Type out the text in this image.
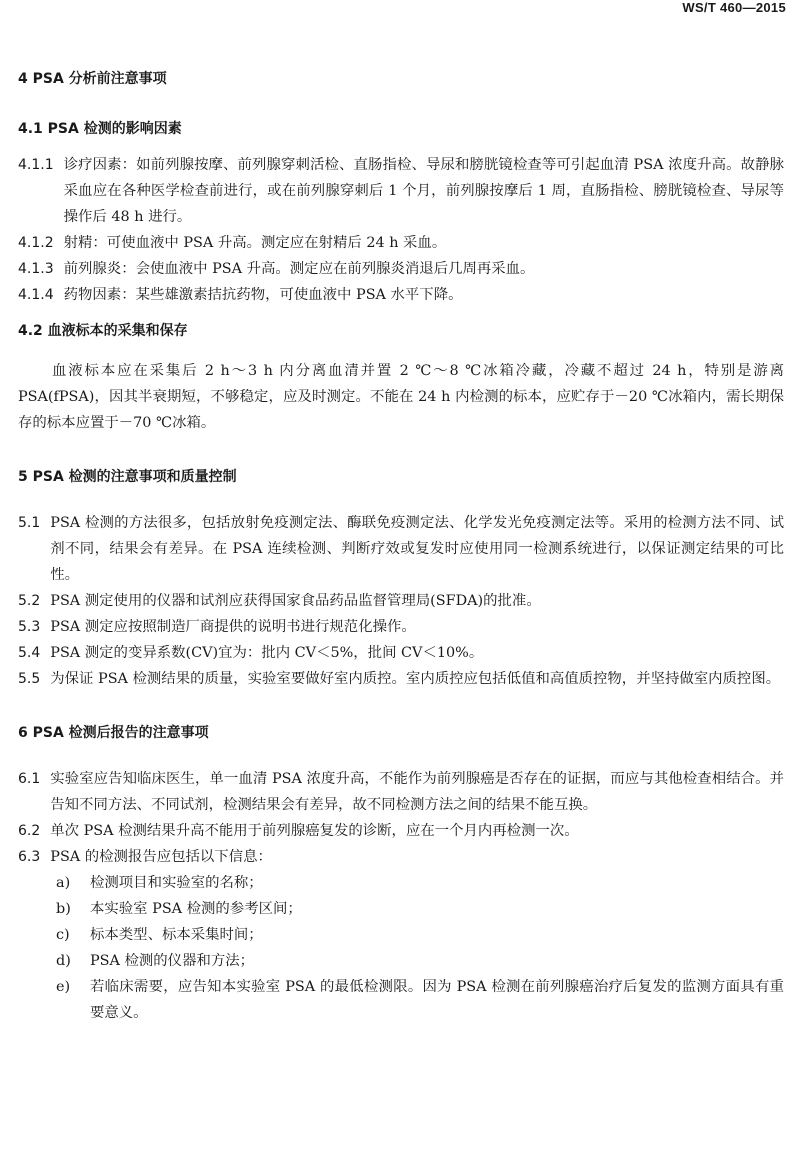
WS/T 460—2015
4 PSA 分析前注意事项
4.1 PSA 检测的影响因素
4.1.1 诊疗因素：如前列腺按摩、前列腺穿刺活检、直肠指检、导尿和膀胱镜检查等可引起血清 PSA 浓度升高。故静脉采血应在各种医学检查前进行，或在前列腺穿刺后 1 个月，前列腺按摩后 1 周，直肠指检、膀胱镜检查、导尿等操作后 48 h 进行。
4.1.2 射精：可使血液中 PSA 升高。测定应在射精后 24 h 采血。
4.1.3 前列腺炎：会使血液中 PSA 升高。测定应在前列腺炎消退后几周再采血。
4.1.4 药物因素：某些雄激素拮抗药物，可使血液中 PSA 水平下降。
4.2 血液标本的采集和保存
血液标本应在采集后 2 h～3 h 内分离血清并置 2 ℃～8 ℃冰箱冷藏，冷藏不超过 24 h，特别是游离PSA(fPSA)，因其半衰期短，不够稳定，应及时测定。不能在 24 h 内检测的标本，应贮存于－20 ℃冰箱内，需长期保存的标本应置于－70 ℃冰箱。
5 PSA 检测的注意事项和质量控制
5.1 PSA 检测的方法很多，包括放射免疫测定法、酶联免疫测定法、化学发光免疫测定法等。采用的检测方法不同、试剂不同，结果会有差异。在 PSA 连续检测、判断疗效或复发时应使用同一检测系统进行，以保证测定结果的可比性。
5.2 PSA 测定使用的仪器和试剂应获得国家食品药品监督管理局(SFDA)的批准。
5.3 PSA 测定应按照制造厂商提供的说明书进行规范化操作。
5.4 PSA 测定的变异系数(CV)宜为：批内 CV＜5%，批间 CV＜10%。
5.5 为保证 PSA 检测结果的质量，实验室要做好室内质控。室内质控应包括低值和高值质控物，并坚持做室内质控图。
6 PSA 检测后报告的注意事项
6.1 实验室应告知临床医生，单一血清 PSA 浓度升高，不能作为前列腺癌是否存在的证据，而应与其他检查相结合。并告知不同方法、不同试剂，检测结果会有差异，故不同检测方法之间的结果不能互换。
6.2 单次 PSA 检测结果升高不能用于前列腺癌复发的诊断，应在一个月内再检测一次。
6.3 PSA 的检测报告应包括以下信息：
a)	检测项目和实验室的名称；
b)	本实验室 PSA 检测的参考区间；
c)	标本类型、标本采集时间；
d)	PSA 检测的仪器和方法；
e)	若临床需要，应告知本实验室 PSA 的最低检测限。因为 PSA 检测在前列腺癌治疗后复发的监测方面具有重要意义。
